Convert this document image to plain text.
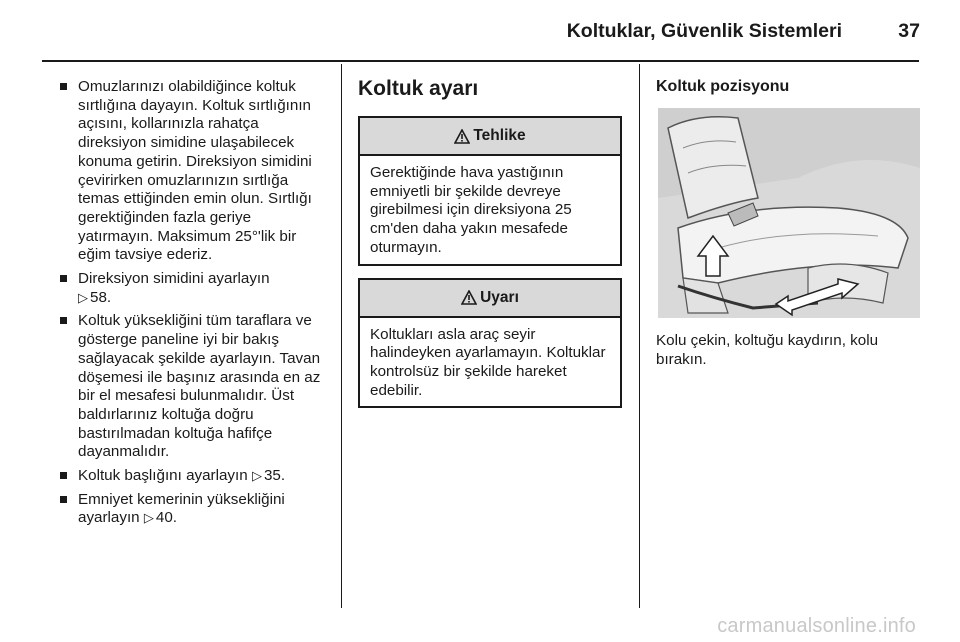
Koltuklar, Güvenlik Sistemleri	37
Omuzlarınızı olabildiğince koltuk sırtlığına dayayın. Koltuk sırtlığının açısını, kollarınızla rahatça direksiyon simidine ulaşabilecek konuma getirin. Direksiyon simidini çevirirken omuzlarınızın sırtlığa temas ettiğinden emin olun. Sırtlığı gerektiğinden fazla geriye yatırmayın. Maksimum 25°'lik bir eğim tavsiye ederiz.
Direksiyon simidini ayarlayın
▷ 58.
Koltuk yüksekliğini tüm taraflara ve gösterge paneline iyi bir bakış sağlayacak şekilde ayarlayın. Tavan döşemesi ile başınız arasında en az bir el mesafesi bulunmalıdır. Üst baldırlarınız koltuğa doğru bastırılmadan koltuğa hafifçe dayanmalıdır.
Koltuk başlığını ayarlayın ▷ 35.
Emniyet kemerinin yüksekliğini ayarlayın ▷ 40.
Koltuk ayarı
Tehlike
Gerektiğinde hava yastığının emniyetli bir şekilde devreye girebilmesi için direksiyona 25 cm'den daha yakın mesafede oturmayın.
Uyarı
Koltukları asla araç seyir halindeyken ayarlamayın. Koltuklar kontrolsüz bir şekilde hareket edebilir.
Koltuk pozisyonu
Kolu çekin, koltuğu kaydırın, kolu bırakın.
carmanualsonline.info
